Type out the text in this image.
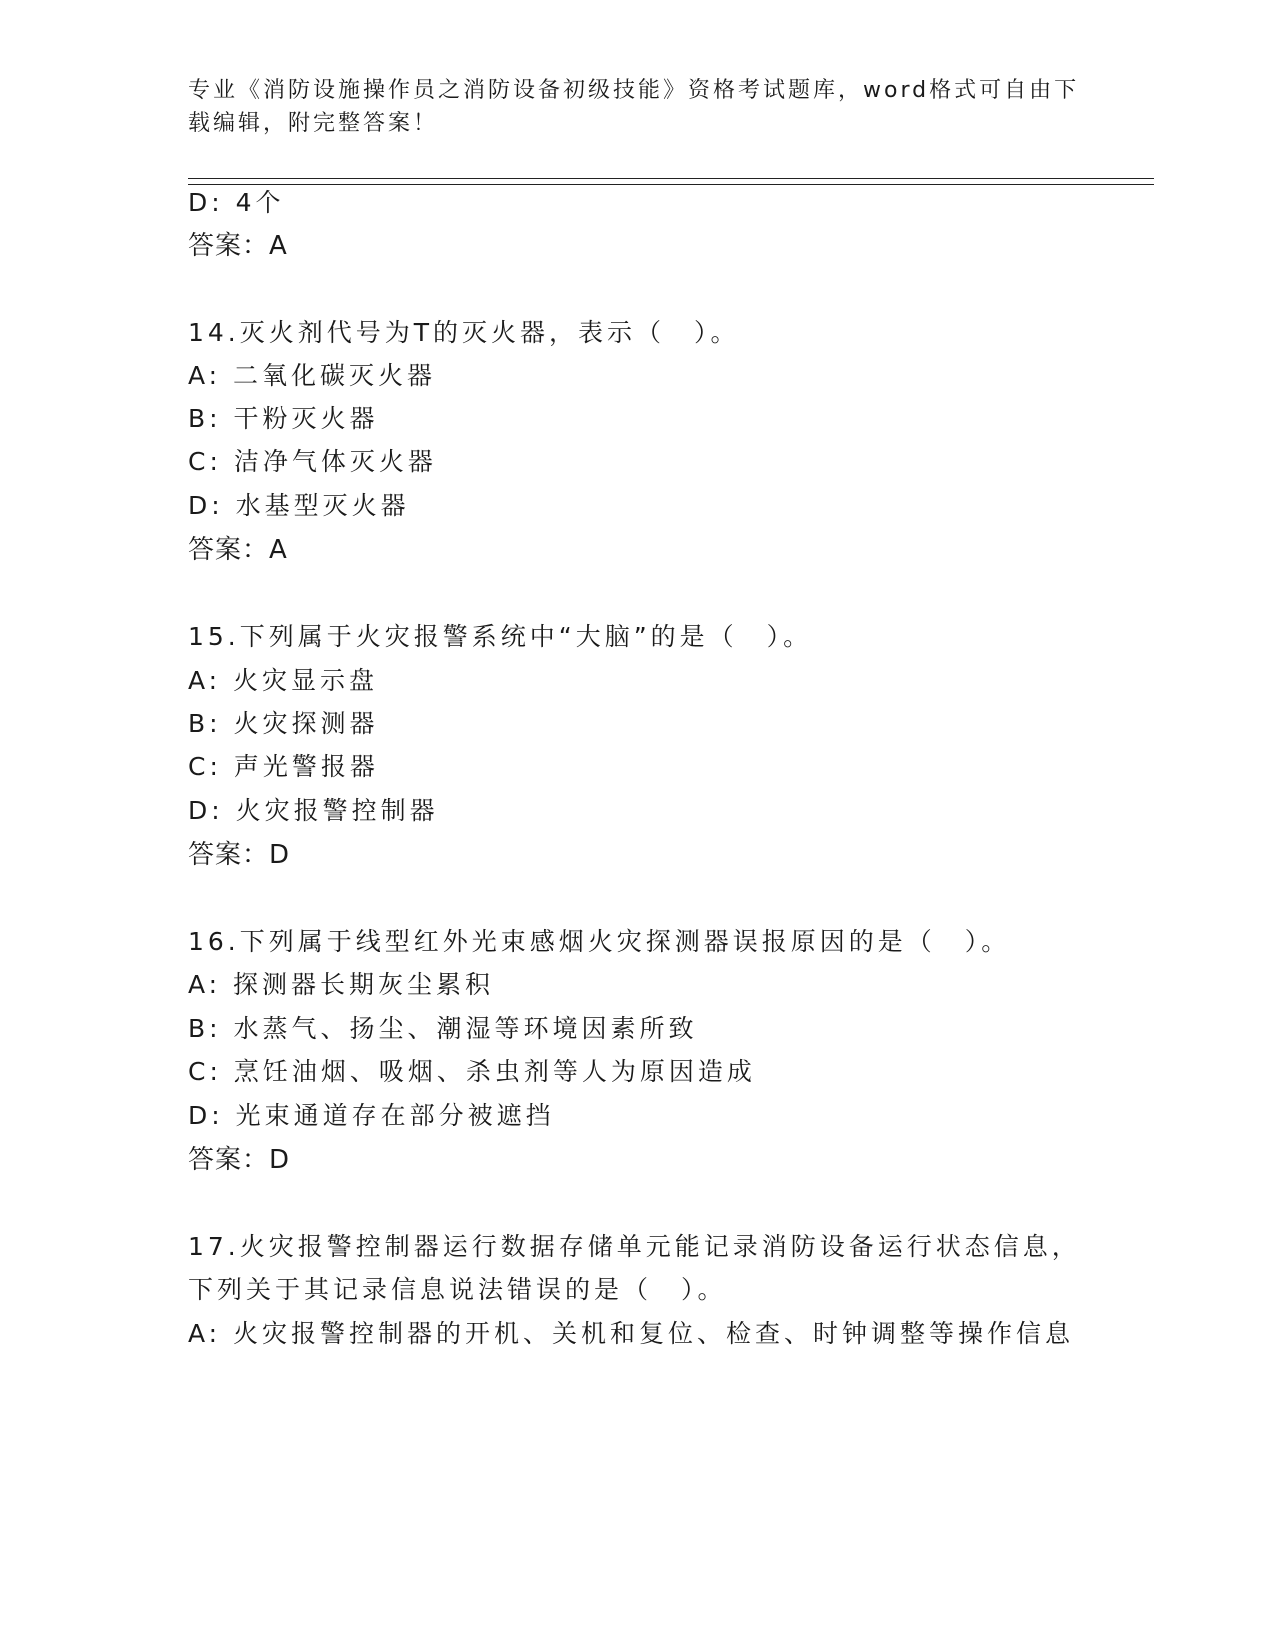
专业《消防设施操作员之消防设备初级技能》资格考试题库，word格式可自由下
载编辑，附完整答案！
D: 4个
答案：A
14.灭火剂代号为T的灭火器，表示（　）。
A: 二氧化碳灭火器
B: 干粉灭火器
C: 洁净气体灭火器
D: 水基型灭火器
答案：A
15.下列属于火灾报警系统中“大脑”的是（　）。
A: 火灾显示盘
B: 火灾探测器
C: 声光警报器
D: 火灾报警控制器
答案：D
16.下列属于线型红外光束感烟火灾探测器误报原因的是（　）。
A: 探测器长期灰尘累积
B: 水蒸气、扬尘、潮湿等环境因素所致
C: 烹饪油烟、吸烟、杀虫剂等人为原因造成
D: 光束通道存在部分被遮挡
答案：D
17.火灾报警控制器运行数据存储单元能记录消防设备运行状态信息，
下列关于其记录信息说法错误的是（　）。
A: 火灾报警控制器的开机、关机和复位、检查、时钟调整等操作信息
